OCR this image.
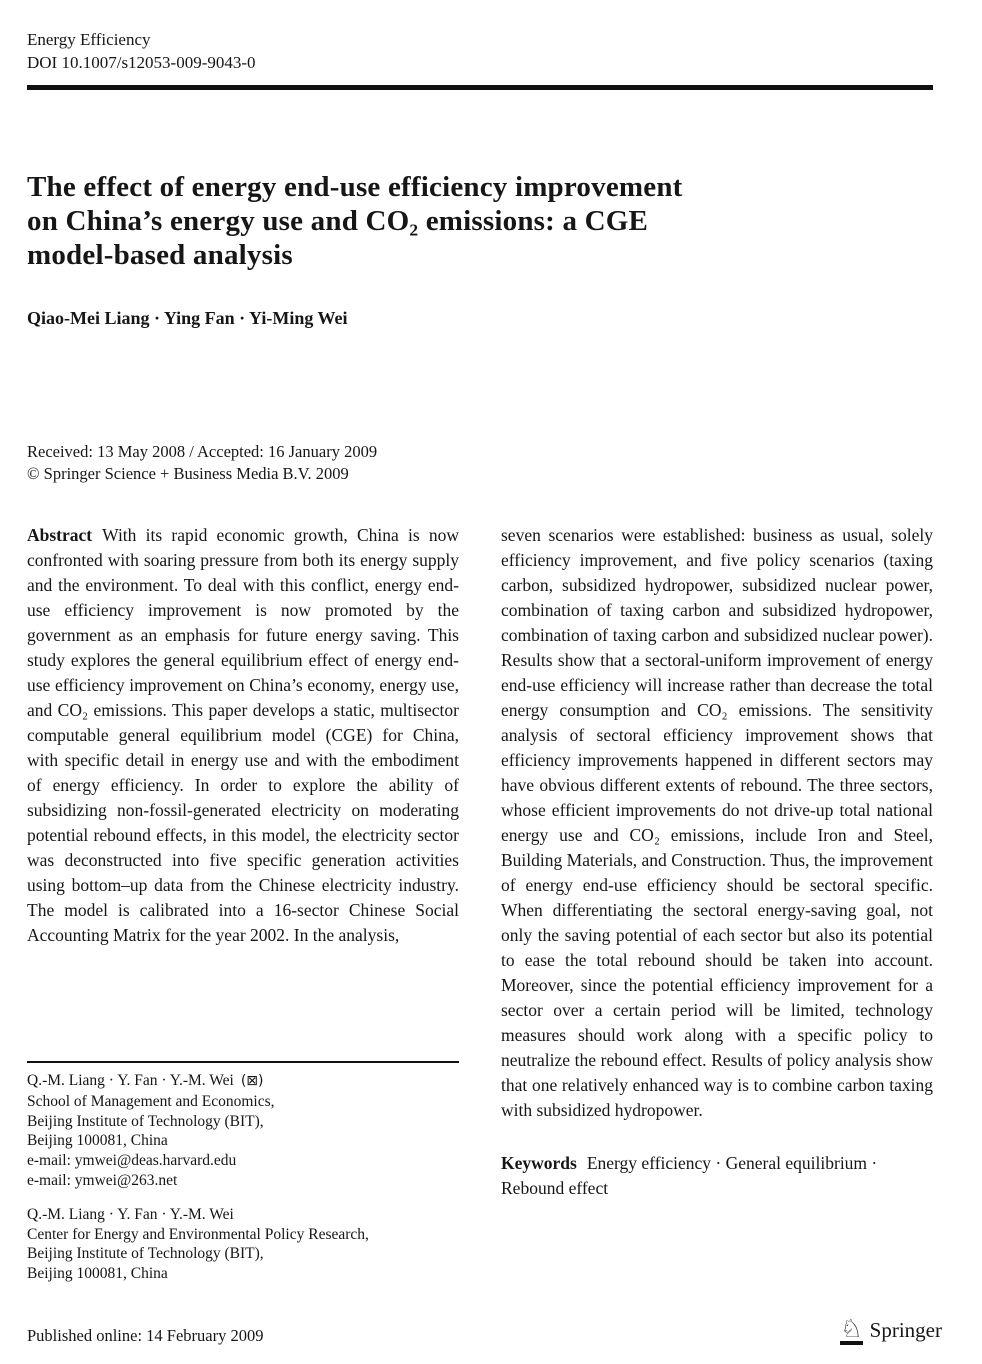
Energy Efficiency
DOI 10.1007/s12053-009-9043-0
The effect of energy end-use efficiency improvement
on China’s energy use and CO₂ emissions: a CGE
model-based analysis
Qiao-Mei Liang · Ying Fan · Yi-Ming Wei
Received: 13 May 2008 / Accepted: 16 January 2009
© Springer Science + Business Media B.V. 2009

Abstract With its rapid economic growth, China is now confronted with soaring pressure from both its energy supply and the environment. To deal with this conflict, energy end-use efficiency improvement is now promoted by the government as an emphasis for future energy saving. This study explores the general equilibrium effect of energy end-use efficiency improvement on China’s economy, energy use, and CO₂ emissions. This paper develops a static, multisector computable general equilibrium model (CGE) for China, with specific detail in energy use and with the embodiment of energy efficiency. In order to explore the ability of subsidizing non-fossil-generated electricity on moderating potential rebound effects, in this model, the electricity sector was deconstructed into five specific generation activities using bottom–up data from the Chinese electricity industry. The model is calibrated into a 16-sector Chinese Social Accounting Matrix for the year 2002. In the analysis,

seven scenarios were established: business as usual, solely efficiency improvement, and five policy scenarios (taxing carbon, subsidized hydropower, subsidized nuclear power, combination of taxing carbon and subsidized hydropower, combination of taxing carbon and subsidized nuclear power). Results show that a sectoral-uniform improvement of energy end-use efficiency will increase rather than decrease the total energy consumption and CO₂ emissions. The sensitivity analysis of sectoral efficiency improvement shows that efficiency improvements happened in different sectors may have obvious different extents of rebound. The three sectors, whose efficient improvements do not drive-up total national energy use and CO₂ emissions, include Iron and Steel, Building Materials, and Construction. Thus, the improvement of energy end-use efficiency should be sectoral specific. When differentiating the sectoral energy-saving goal, not only the saving potential of each sector but also its potential to ease the total rebound should be taken into account. Moreover, since the potential efficiency improvement for a sector over a certain period will be limited, technology measures should work along with a specific policy to neutralize the rebound effect. Results of policy analysis show that one relatively enhanced way is to combine carbon taxing with subsidized hydropower.

Keywords Energy efficiency · General equilibrium · Rebound effect

Q.-M. Liang · Y. Fan · Y.-M. Wei (⊠)
School of Management and Economics,
Beijing Institute of Technology (BIT),
Beijing 100081, China
e-mail: ymwei@deas.harvard.edu
e-mail: ymwei@263.net
Q.-M. Liang · Y. Fan · Y.-M. Wei
Center for Energy and Environmental Policy Research,
Beijing Institute of Technology (BIT),
Beijing 100081, China
Published online: 14 February 2009	♘ Springer
